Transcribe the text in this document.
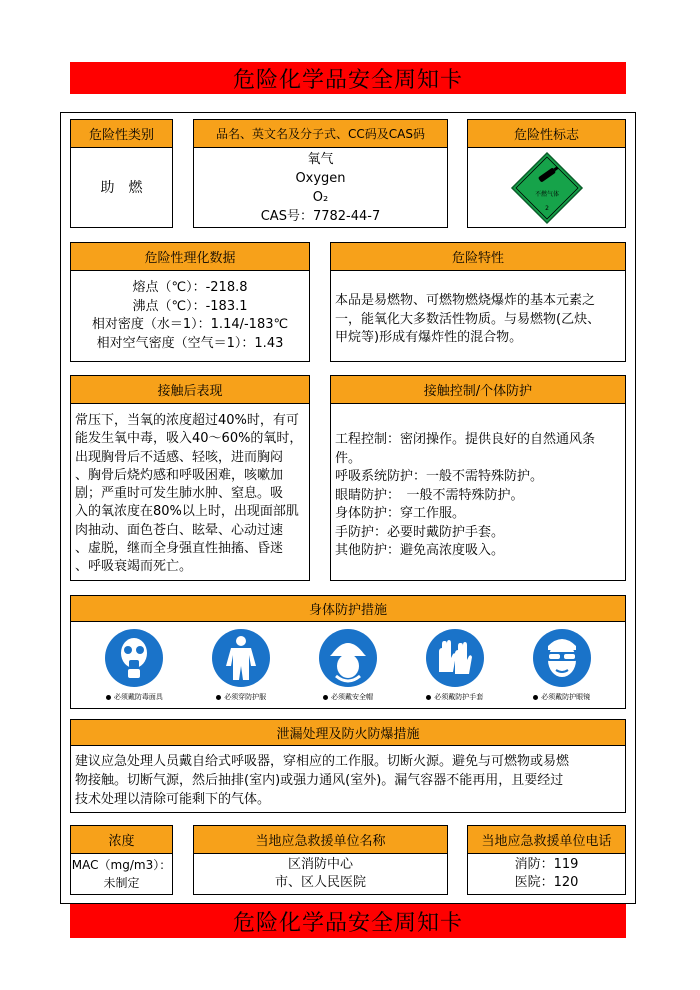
危险化学品安全周知卡
危险性类别
助　燃
品名、英文名及分子式、CC码及CAS码
氧气
Oxygen
O₂
CAS号：7782-44-7
危险性标志
不燃气体
2
危险性理化数据
熔点（℃）：-218.8
沸点（℃）：-183.1
相对密度（水＝1）：1.14/-183℃
相对空气密度（空气＝1）：1.43
危险特性
本品是易燃物、可燃物燃烧爆炸的基本元素之
一，能氧化大多数活性物质。与易燃物(乙炔、
甲烷等)形成有爆炸性的混合物。
接触后表现
常压下，当氧的浓度超过40%时，有可
能发生氧中毒，吸入40～60%的氧时，
出现胸骨后不适感、轻咳，进而胸闷
、胸骨后烧灼感和呼吸困难，咳嗽加
剧；严重时可发生肺水肿、窒息。吸
入的氧浓度在80%以上时，出现面部肌
肉抽动、面色苍白、眩晕、心动过速
、虚脱，继而全身强直性抽搐、昏迷
、呼吸衰竭而死亡。
接触控制/个体防护
工程控制：密闭操作。提供良好的自然通风条
件。
呼吸系统防护：一般不需特殊防护。
眼睛防护：　一般不需特殊防护。
身体防护：穿工作服。
手防护：必要时戴防护手套。
其他防护：避免高浓度吸入。
身体防护措施
必须戴防毒面具	必须穿防护服	必须戴安全帽	必须戴防护手套	必须戴防护眼镜
泄漏处理及防火防爆措施
建议应急处理人员戴自给式呼吸器，穿相应的工作服。切断火源。避免与可燃物或易燃
物接触。切断气源，然后抽排(室内)或强力通风(室外)。漏气容器不能再用，且要经过
技术处理以清除可能剩下的气体。
浓度
MAC（mg/m3）：
未制定
当地应急救援单位名称
区消防中心
市、区人民医院
当地应急救援单位电话
消防：119
医院：120
危险化学品安全周知卡
